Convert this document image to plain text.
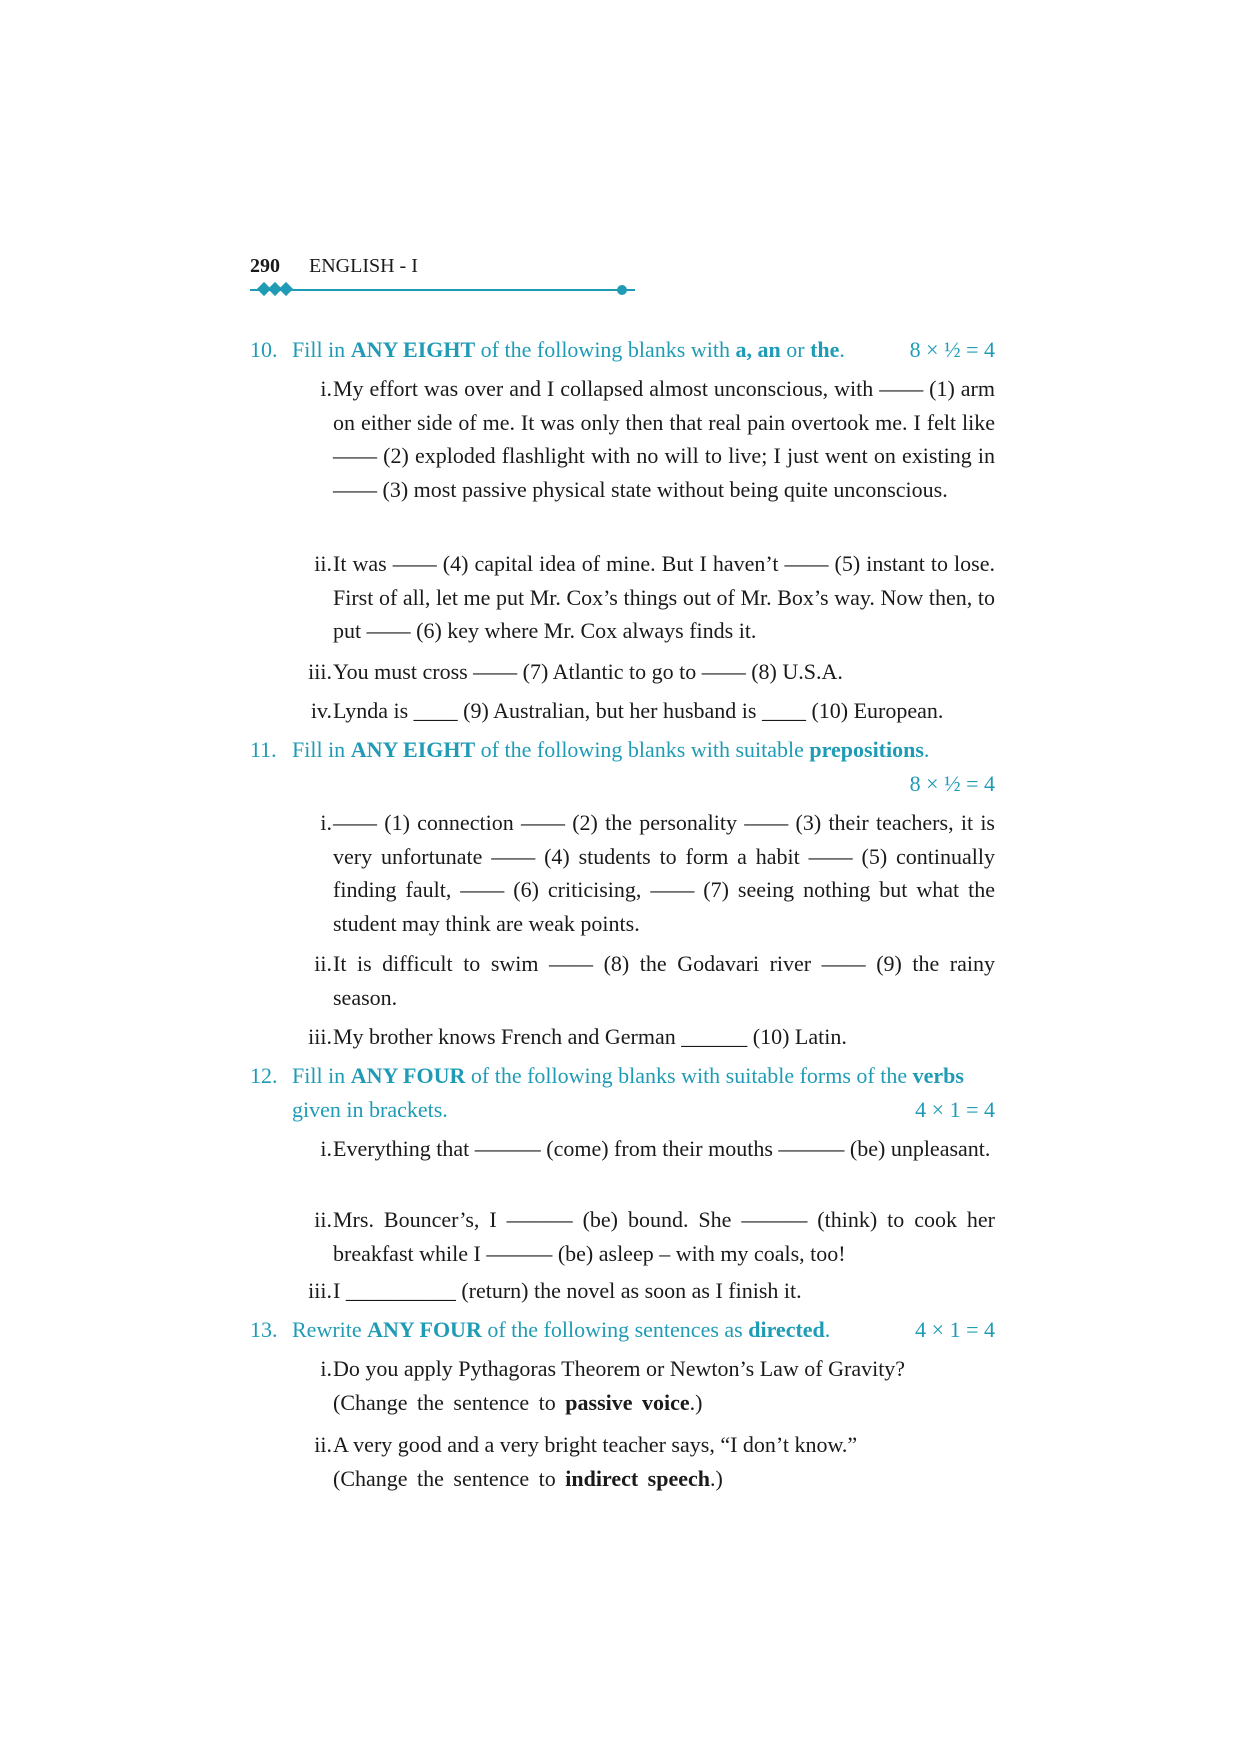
290 ENGLISH - I
10. Fill in ANY EIGHT of the following blanks with a, an or the.	8 × ½ = 4
i. My effort was over and I collapsed almost unconscious, with —— (1) arm on either side of me. It was only then that real pain overtook me. I felt like —— (2) exploded flashlight with no will to live; I just went on existing in —— (3) most passive physical state without being quite unconscious.
ii. It was —— (4) capital idea of mine. But I haven’t —— (5) instant to lose. First of all, let me put Mr. Cox’s things out of Mr. Box’s way. Now then, to put —— (6) key where Mr. Cox always finds it.
iii. You must cross —— (7) Atlantic to go to —— (8) U.S.A.
iv. Lynda is ____ (9) Australian, but her husband is ____ (10) European.
11. Fill in ANY EIGHT of the following blanks with suitable prepositions.
8 × ½ = 4
i. —— (1) connection —— (2) the personality —— (3) their teachers, it is very unfortunate —— (4) students to form a habit —— (5) continually finding fault, —— (6) criticising, —— (7) seeing nothing but what the student may think are weak points.
ii. It is difficult to swim —— (8) the Godavari river —— (9) the rainy season.
iii. My brother knows French and German ______ (10) Latin.
12. Fill in ANY FOUR of the following blanks with suitable forms of the verbs
given in brackets.	4 × 1 = 4
i. Everything that ——— (come) from their mouths ——— (be) unpleasant.
ii. Mrs. Bouncer’s, I ——— (be) bound. She ——— (think) to cook her breakfast while I ——— (be) asleep – with my coals, too!
iii. I __________ (return) the novel as soon as I finish it.
13. Rewrite ANY FOUR of the following sentences as directed.	4 × 1 = 4
i. Do you apply Pythagoras Theorem or Newton’s Law of Gravity?
(Change the sentence to passive voice.)
ii. A very good and a very bright teacher says, “I don’t know.”
(Change the sentence to indirect speech.)
